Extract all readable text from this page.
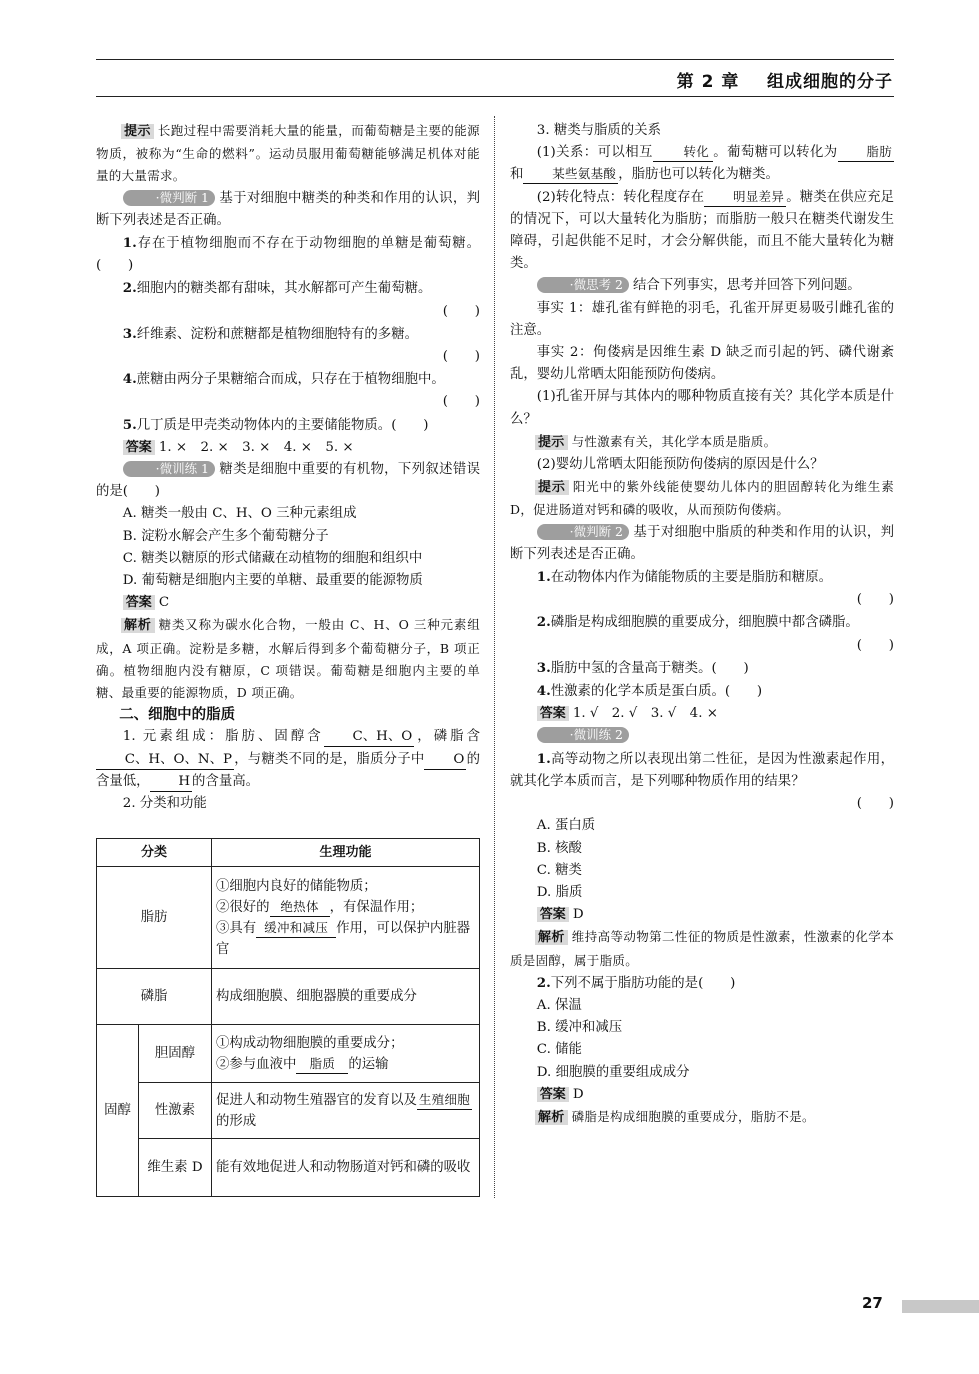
第 2 章    组成细胞的分子

提示 长跑过程中需要消耗大量的能量，而葡萄糖是主要的能源物质，被称为“生命的燃料”。运动员服用葡萄糖能够满足机体对能量的大量需求。

·微判断 1 基于对细胞中糖类的种类和作用的认识，判断下列表述是否正确。

1.存在于植物细胞而不存在于动物细胞的单糖是葡萄糖。(　　)

2.细胞内的糖类都有甜味，其水解都可产生葡萄糖。

(　　)

3.纤维素、淀粉和蔗糖都是植物细胞特有的多糖。

(　　)

4.蔗糖由两分子果糖缩合而成，只存在于植物细胞中。

(　　)

5.几丁质是甲壳类动物体内的主要储能物质。(　　)

答案 1. ×　2. ×　3. ×　4. ×　5. ×

·微训练 1 糖类是细胞中重要的有机物，下列叙述错误的是(　　)

A. 糖类一般由 C、H、O 三种元素组成

B. 淀粉水解会产生多个葡萄糖分子

C. 糖类以糖原的形式储藏在动植物的细胞和组织中

D. 葡萄糖是细胞内主要的单糖、最重要的能源物质

答案 C

解析 糖类又称为碳水化合物，一般由 C、H、O 三种元素组成，A 项正确。淀粉是多糖，水解后得到多个葡萄糖分子，B 项正确。植物细胞内没有糖原，C 项错误。葡萄糖是细胞内主要的单糖、最重要的能源物质，D 项正确。

二、细胞中的脂质

1. 元素组成：脂肪、固醇含 C、H、O ，磷脂含C、H、O、N、P ，与糖类不同的是，脂质分子中 O 的含量低， H 的含量高。

2. 分类和功能

分类		生理功能
脂肪		①细胞内良好的储能物质；
②很好的 绝热体 ，有保温作用；
③具有 缓冲和减压 作用，可以保护内脏器官

磷脂		构成细胞膜、细胞器膜的重要成分
固醇	胆固醇	①构成动物细胞膜的重要成分；
②参与血液中 脂质 的运输

	性激素	促进人和动物生殖器官的发育以及 生殖细胞的形成
	维生素 D	能有效地促进人和动物肠道对钙和磷的吸收

3. 糖类与脂质的关系

(1)关系：可以相互 转化 。葡萄糖可以转化为 脂肪和 某些氨基酸 ，脂肪也可以转化为糖类。

(2)转化特点：转化程度存在 明显差异 。糖类在供应充足的情况下，可以大量转化为脂肪；而脂肪一般只在糖类代谢发生障碍，引起供能不足时，才会分解供能，而且不能大量转化为糖类。

·微思考 2 结合下列事实，思考并回答下列问题。

事实 1：雄孔雀有鲜艳的羽毛，孔雀开屏更易吸引雌孔雀的注意。

事实 2：佝偻病是因维生素 D 缺乏而引起的钙、磷代谢紊乱，婴幼儿常晒太阳能预防佝偻病。

(1)孔雀开屏与其体内的哪种物质直接有关？其化学本质是什么？

提示 与性激素有关，其化学本质是脂质。

(2)婴幼儿常晒太阳能预防佝偻病的原因是什么？

提示 阳光中的紫外线能使婴幼儿体内的胆固醇转化为维生素 D，促进肠道对钙和磷的吸收，从而预防佝偻病。

·微判断 2 基于对细胞中脂质的种类和作用的认识，判断下列表述是否正确。

1.在动物体内作为储能物质的主要是脂肪和糖原。

(　　)

2.磷脂是构成细胞膜的重要成分，细胞膜中都含磷脂。

(　　)

3.脂肪中氢的含量高于糖类。(　　)

4.性激素的化学本质是蛋白质。(　　)

答案 1. √　2. √　3. √　4. ×

·微训练 2

1.高等动物之所以表现出第二性征，是因为性激素起作用，就其化学本质而言，是下列哪种物质作用的结果？

(　　)

A. 蛋白质

B. 核酸

C. 糖类

D. 脂质

答案 D

解析 维持高等动物第二性征的物质是性激素，性激素的化学本质是固醇，属于脂质。

2.下列不属于脂肪功能的是(　　)

A. 保温

B. 缓冲和减压

C. 储能

D. 细胞膜的重要组成成分

答案 D

解析 磷脂是构成细胞膜的重要成分，脂肪不是。

27
